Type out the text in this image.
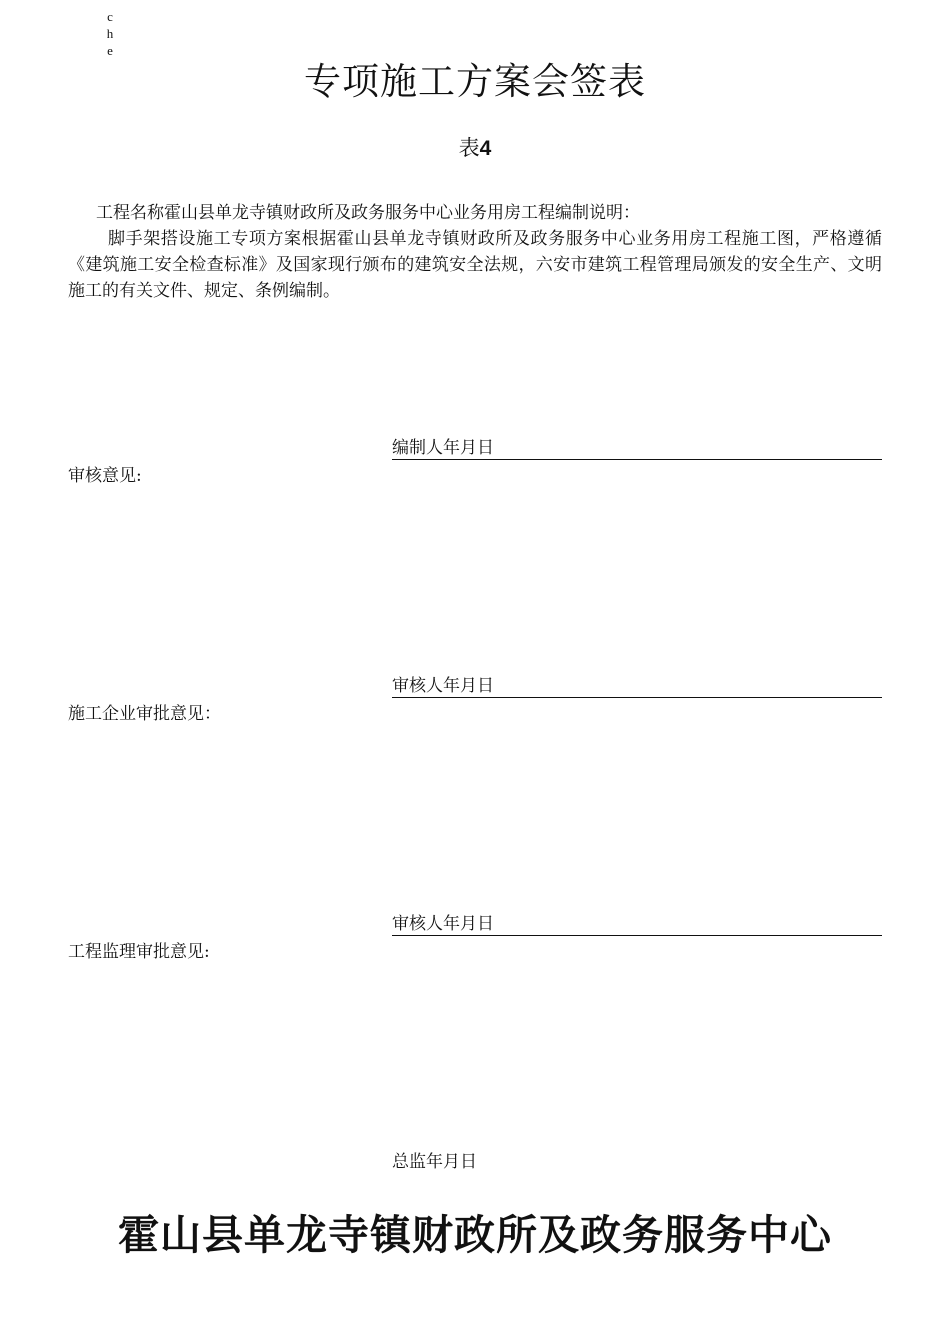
c
h
e
专项施工方案会签表
表4

工程名称霍山县单龙寺镇财政所及政务服务中心业务用房工程编制说明：

脚手架搭设施工专项方案根据霍山县单龙寺镇财政所及政务服务中心业务用房工程施工图，严格遵循《建筑施工安全检查标准》及国家现行颁布的建筑安全法规，六安市建筑工程管理局颁发的安全生产、文明施工的有关文件、规定、条例编制。

编制人年月日
审核意见:
审核人年月日
施工企业审批意见：
审核人年月日
工程监理审批意见:
总监年月日
霍山县单龙寺镇财政所及政务服务中心
